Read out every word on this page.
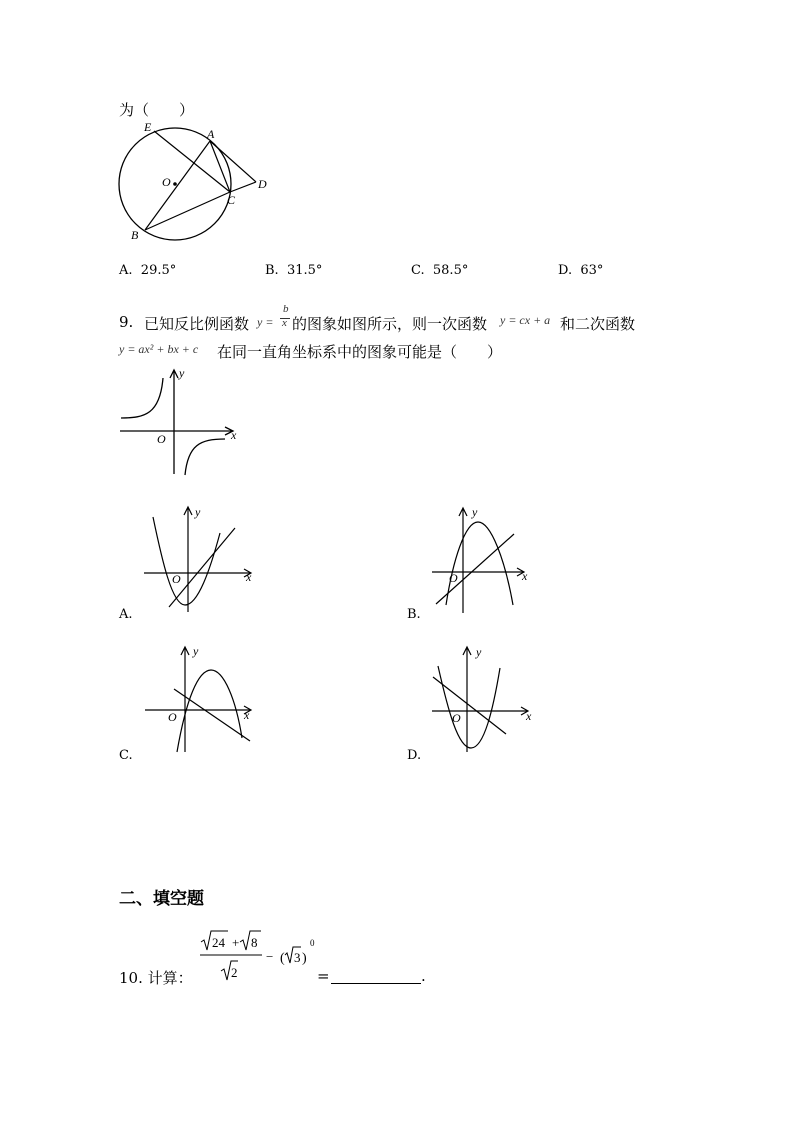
为（　　）
E	A
D
O
C
B
A. 29.5°	B. 31.5°	C. 58.5°	D. 63°
9. 已知反比例函数 y =
b
x 的图象如图所示，则一次函数 y = cx + a 和二次函数
y = ax² + bx + c 在同一直角坐标系中的图象可能是（　　）
y
x
O
y
x
O
y
x
O
y
x
O
y
x
O
A.	B.
C.	D.
二、填空题
10. 计算：
24 + 8
2
− ( 3 )
0
=	.
